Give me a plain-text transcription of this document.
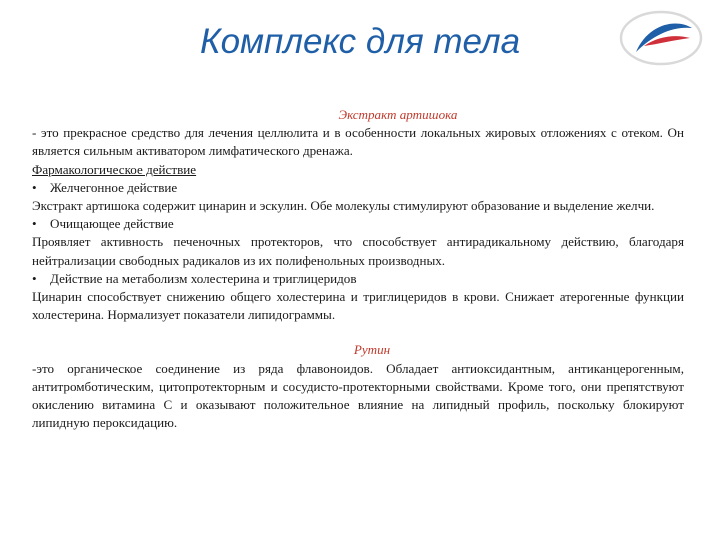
Комплекс для тела
Экстракт артишока

- это прекрасное средство для лечения целлюлита и в особенности локальных жировых отложениях с отеком. Он является сильным активатором лимфатического дренажа.

Фармакологическое действие
•	Желчегонное действие

Экстракт артишока содержит цинарин и эскулин. Обе молекулы стимулируют образование и выделение желчи.

•	Очищающее действие

Проявляет активность печеночных протекторов, что способствует антирадикальному действию, благодаря нейтрализации свободных радикалов из их полифенольных производных.

•	Действие на метаболизм холестерина и триглицеридов

Цинарин способствует снижению общего холестерина и триглицеридов в крови. Снижает атерогенные функции холестерина. Нормализует показатели липидограммы.

Рутин

-это органическое соединение из ряда флавоноидов. Обладает антиоксидантным, антиканцерогенным, антитромботическим, цитопротекторным и сосудисто-протекторными свойствами. Кроме того, они препятствуют окислению витамина С и оказывают положительное влияние на липидный профиль, поскольку блокируют липидную пероксидацию.
